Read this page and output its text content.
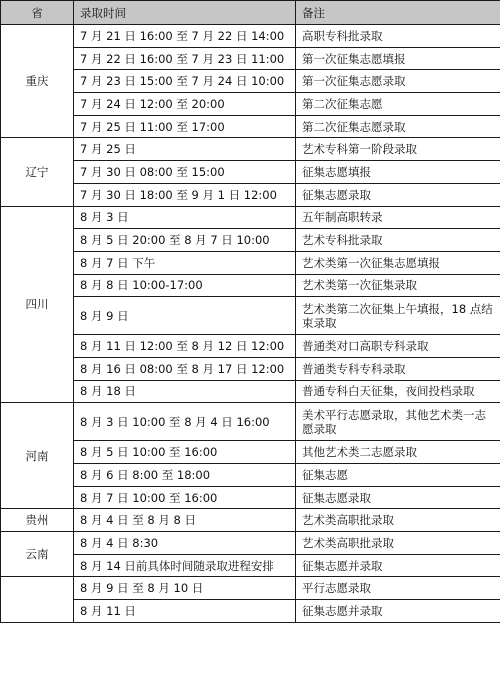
省	录取时间	备注
重庆	7 月 21 日 16:00 至 7 月 22 日 14:00	高职专科批录取
	7 月 22 日 16:00 至 7 月 23 日 11:00	第一次征集志愿填报
	7 月 23 日 15:00 至 7 月 24 日 10:00	第一次征集志愿录取
	7 月 24 日 12:00 至 20:00	第二次征集志愿
	7 月 25 日 11:00 至 17:00	第二次征集志愿录取
辽宁	7 月 25 日	艺术专科第一阶段录取
	7 月 30 日 08:00 至 15:00	征集志愿填报
	7 月 30 日 18:00 至 9 月 1 日 12:00	征集志愿录取
四川	8 月 3 日	五年制高职转录
	8 月 5 日 20:00 至 8 月 7 日 10:00	艺术专科批录取
	8 月 7 日 下午	艺术类第一次征集志愿填报
	8 月 8 日 10:00-17:00	艺术类第一次征集录取
	8 月 9 日	艺术类第二次征集上午填报，18 点结束录取
	8 月 11 日 12:00 至 8 月 12 日 12:00	普通类对口高职专科录取
	8 月 16 日 08:00 至 8 月 17 日 12:00	普通类专科专科录取
	8 月 18 日	普通专科白天征集，夜间投档录取
河南	8 月 3 日 10:00 至 8 月 4 日 16:00	美术平行志愿录取，其他艺术类一志愿录取
	8 月 5 日 10:00 至 16:00	其他艺术类二志愿录取
	8 月 6 日 8:00 至 18:00	征集志愿
	8 月 7 日 10:00 至 16:00	征集志愿录取
贵州	8 月 4 日 至 8 月 8 日	艺术类高职批录取
云南	8 月 4 日 8:30	艺术类高职批录取
	8 月 14 日前具体时间随录取进程安排	征集志愿并录取
	8 月 9 日 至 8 月 10 日	平行志愿录取
	8 月 11 日	征集志愿并录取
